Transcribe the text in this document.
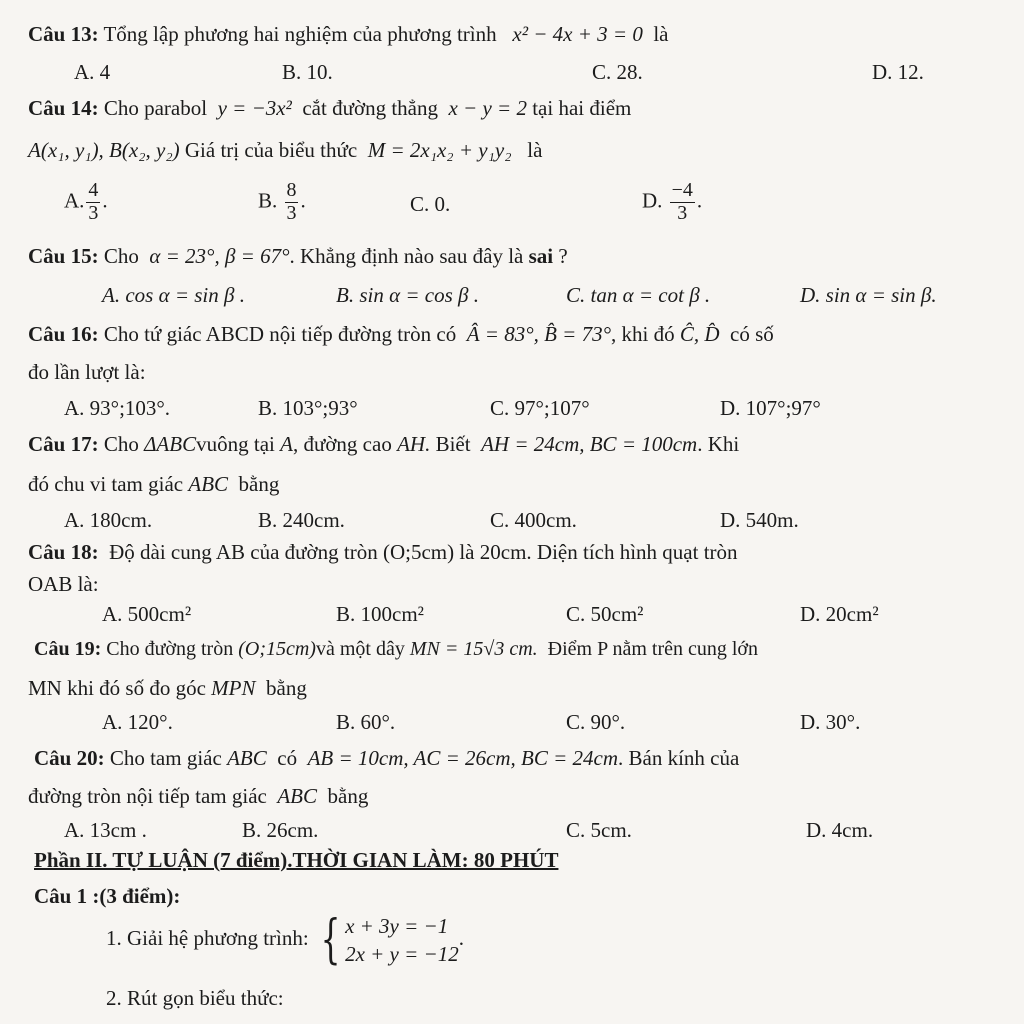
Câu 13: Tổng lập phương hai nghiệm của phương trình x² − 4x + 3 = 0 là
A. 4	B. 10.	C. 28.	D. 12.
Câu 14: Cho parabol y = −3x² cắt đường thẳng x − y = 2 tại hai điểm
A(x₁, y₁), B(x₂, y₂) Giá trị của biểu thức M = 2x₁x₂ + y₁y₂ là
A. $\frac{4}{3}$ .	B. $\frac{8}{3}$ .	C. 0.	D. $\frac{-4}{3}$ .
Câu 15: Cho α = 23°, β = 67°. Khẳng định nào sau đây là sai ?
A. cos α = sin β .	B. sin α = cos β .	C. tan α = cot β .	D. sin α = sin β.
Câu 16: Cho tứ giác ABCD nội tiếp đường tròn có Â = 83°, B̂ = 73°, khi đó Ĉ, D̂ có số
đo lần lượt là:
A. 93°;103°.	B. 103°;93°	C. 97°;107°	D. 107°;97°
Câu 17: Cho ΔABCvuông tại A, đường cao AH. Biết AH = 24cm, BC = 100cm. Khi
đó chu vi tam giác ABC bằng
A. 180cm.	B. 240cm.	C. 400cm.	D. 540m.
Câu 18: Độ dài cung AB của đường tròn (O;5cm) là 20cm. Diện tích hình quạt tròn
OAB là:
A. 500cm²	B. 100cm²	C. 50cm²	D. 20cm²
Câu 19: Cho đường tròn (O;15cm)và một dây MN = 15√3 cm. Điểm P nằm trên cung lớn
MN khi đó số đo góc MPN bằng
A. 120°.	B. 60°.	C. 90°.	D. 30°.
Câu 20: Cho tam giác ABC có AB = 10cm, AC = 26cm, BC = 24cm. Bán kính của
đường tròn nội tiếp tam giác ABC bằng
A. 13cm .	B. 26cm.	C. 5cm.	D. 4cm.
Phần II. TỰ LUẬN (7 điểm).THỜI GIAN LÀM: 80 PHÚT
Câu 1 :(3 điểm):
1. Giải hệ phương trình: { x + 3y = −1
2x + y = −12
.
2. Rút gọn biểu thức:
